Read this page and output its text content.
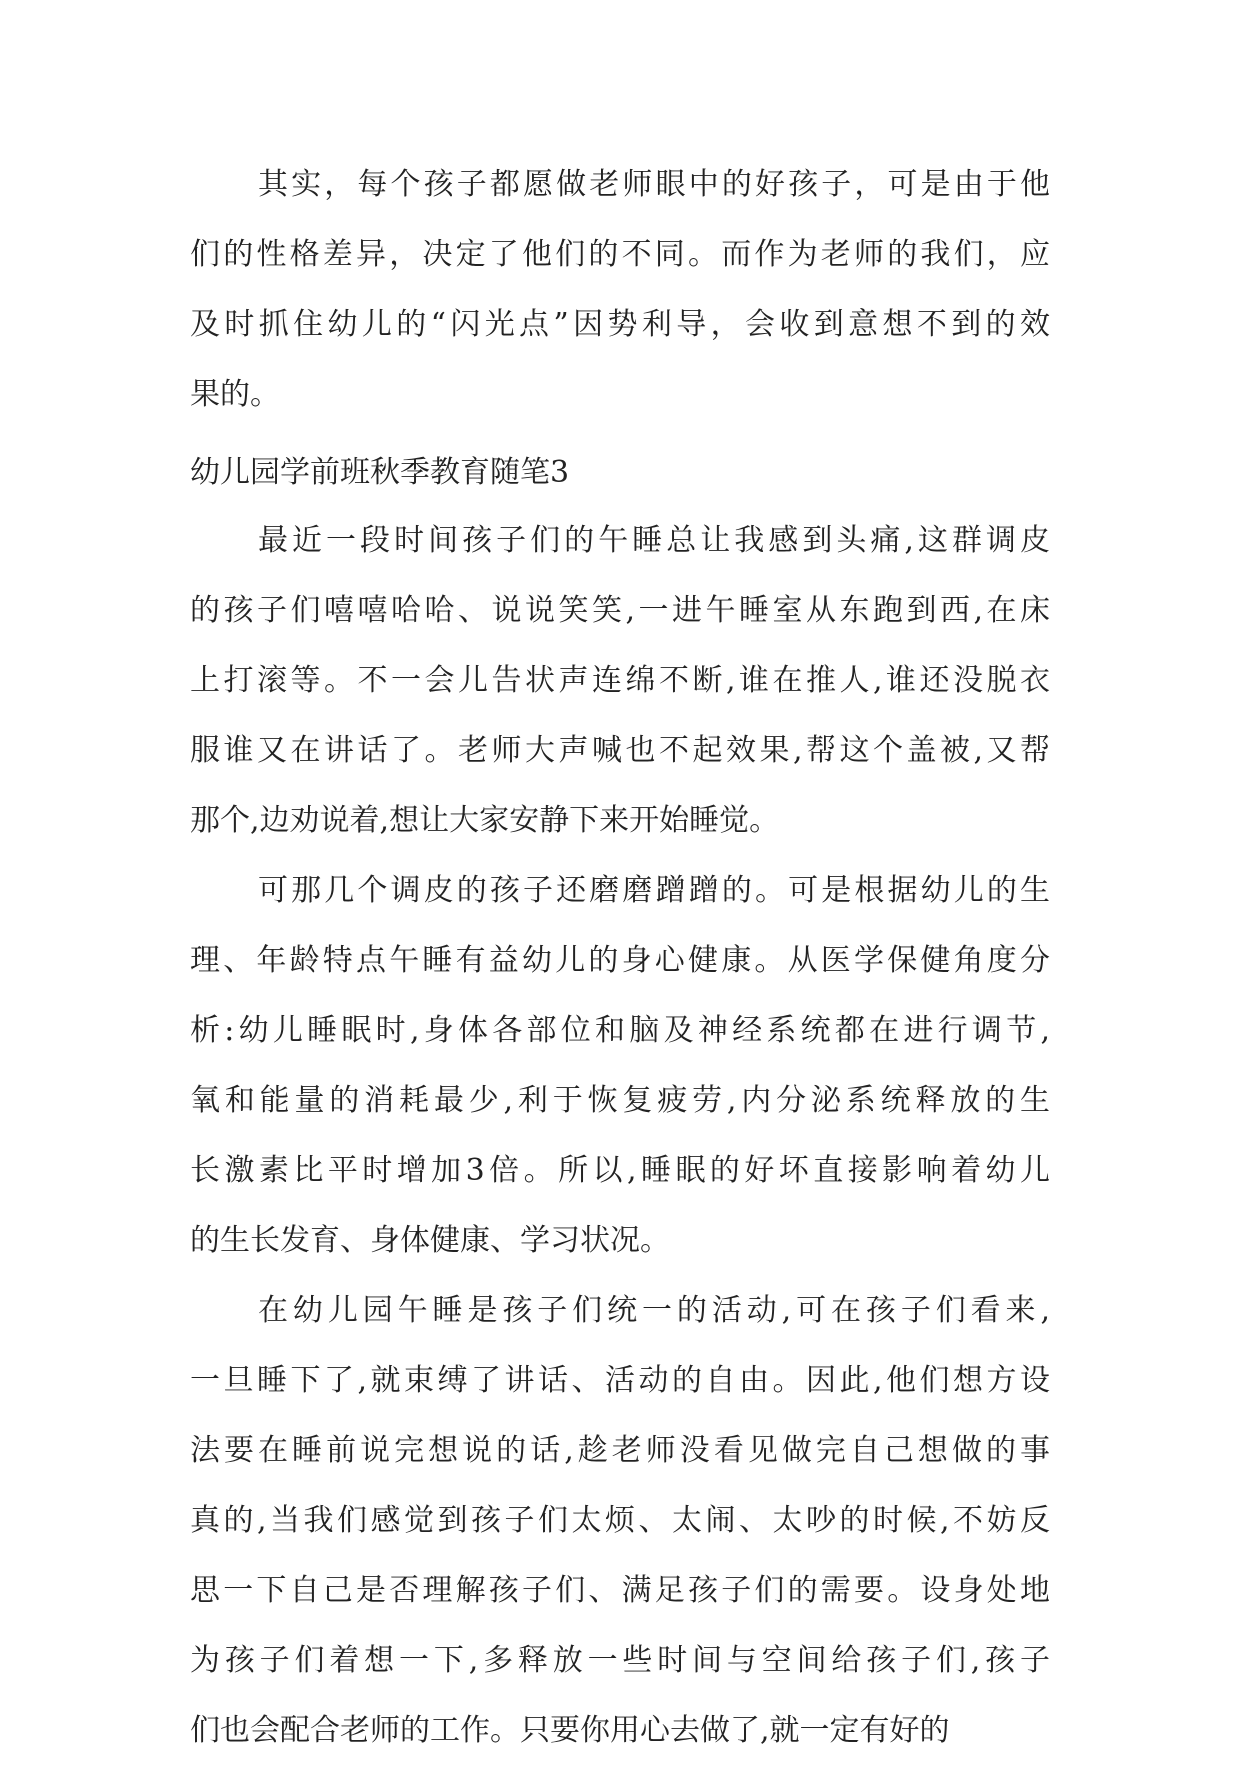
其实，每个孩子都愿做老师眼中的好孩子，可是由于他
们的性格差异，决定了他们的不同。而作为老师的我们，应
及时抓住幼儿的“闪光点”因势利导，会收到意想不到的效
果的。
幼儿园学前班秋季教育随笔3
最近一段时间孩子们的午睡总让我感到头痛,这群调皮
的孩子们嘻嘻哈哈、说说笑笑,一进午睡室从东跑到西,在床
上打滚等。不一会儿告状声连绵不断,谁在推人,谁还没脱衣
服谁又在讲话了。老师大声喊也不起效果,帮这个盖被,又帮
那个,边劝说着,想让大家安静下来开始睡觉。
可那几个调皮的孩子还磨磨蹭蹭的。可是根据幼儿的生
理、年龄特点午睡有益幼儿的身心健康。从医学保健角度分
析:幼儿睡眠时,身体各部位和脑及神经系统都在进行调节,
氧和能量的消耗最少,利于恢复疲劳,内分泌系统释放的生
长激素比平时增加3倍。所以,睡眠的好坏直接影响着幼儿
的生长发育、身体健康、学习状况。
在幼儿园午睡是孩子们统一的活动,可在孩子们看来,
一旦睡下了,就束缚了讲话、活动的自由。因此,他们想方设
法要在睡前说完想说的话,趁老师没看见做完自己想做的事
真的,当我们感觉到孩子们太烦、太闹、太吵的时候,不妨反
思一下自己是否理解孩子们、满足孩子们的需要。设身处地
为孩子们着想一下,多释放一些时间与空间给孩子们,孩子
们也会配合老师的工作。只要你用心去做了,就一定有好的
